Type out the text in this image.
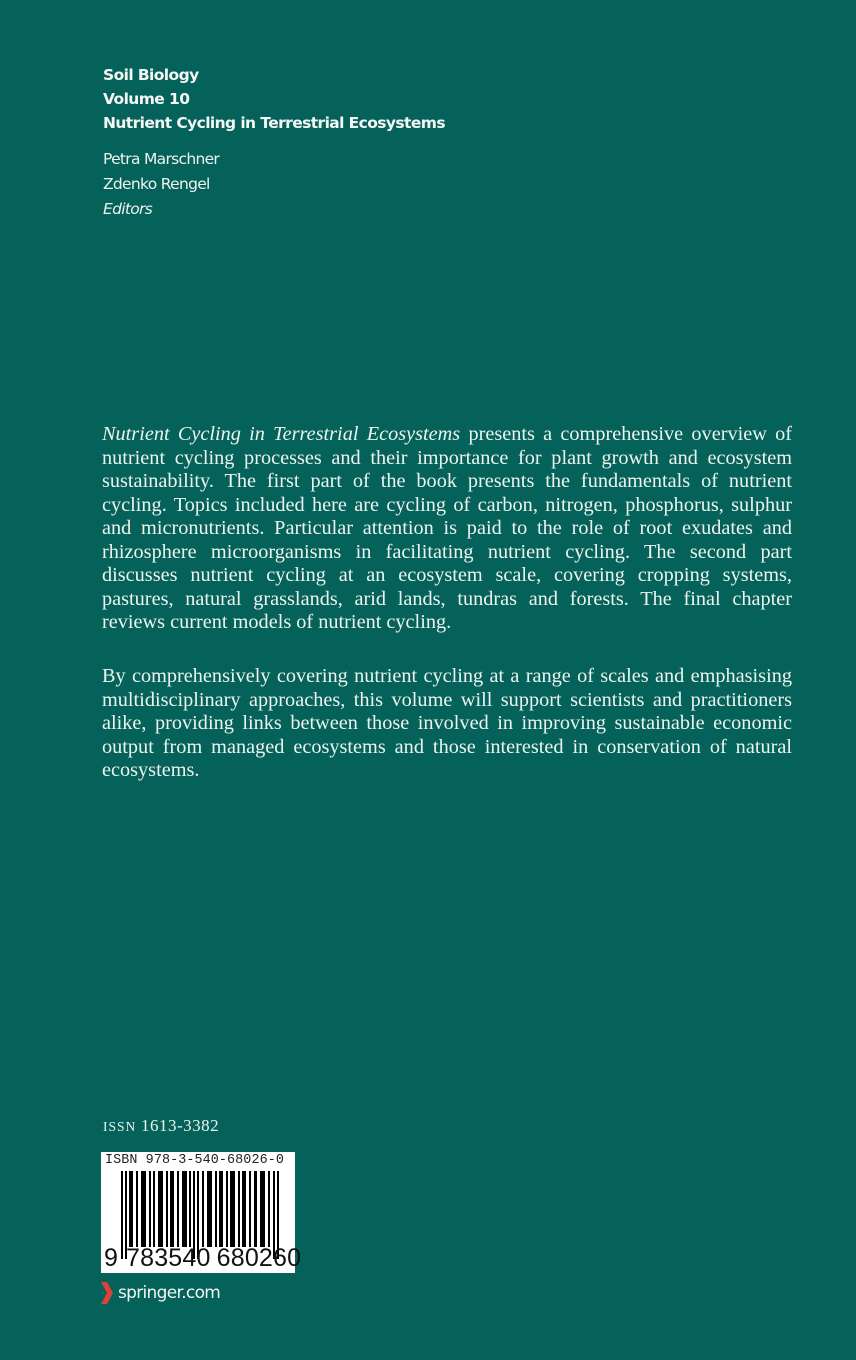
Soil Biology
Volume 10
Nutrient Cycling in Terrestrial Ecosystems
Petra Marschner
Zdenko Rengel
Editors
Nutrient Cycling in Terrestrial Ecosystems presents a comprehensive overview of nutrient cycling processes and their importance for plant growth and ecosystem sustainability. The first part of the book presents the fundamentals of nutrient cycling. Topics included here are cycling of carbon, nitrogen, phosphorus, sulphur and micronutrients. Particular attention is paid to the role of root exudates and rhizosphere microorganisms in facilitating nutrient cycling. The second part discusses nutrient cycling at an ecosystem scale, covering cropping systems, pastures, natural grasslands, arid lands, tundras and forests. The final chapter reviews current models of nutrient cycling.
By comprehensively covering nutrient cycling at a range of scales and emphasising multidisciplinary approaches, this volume will support scientists and practitioners alike, providing links between those involved in improving sustainable economic output from managed ecosystems and those interested in conservation of natural ecosystems.
ISSN 1613-3382
ISBN 978-3-540-68026-0
9 783540 680260
springer.com
